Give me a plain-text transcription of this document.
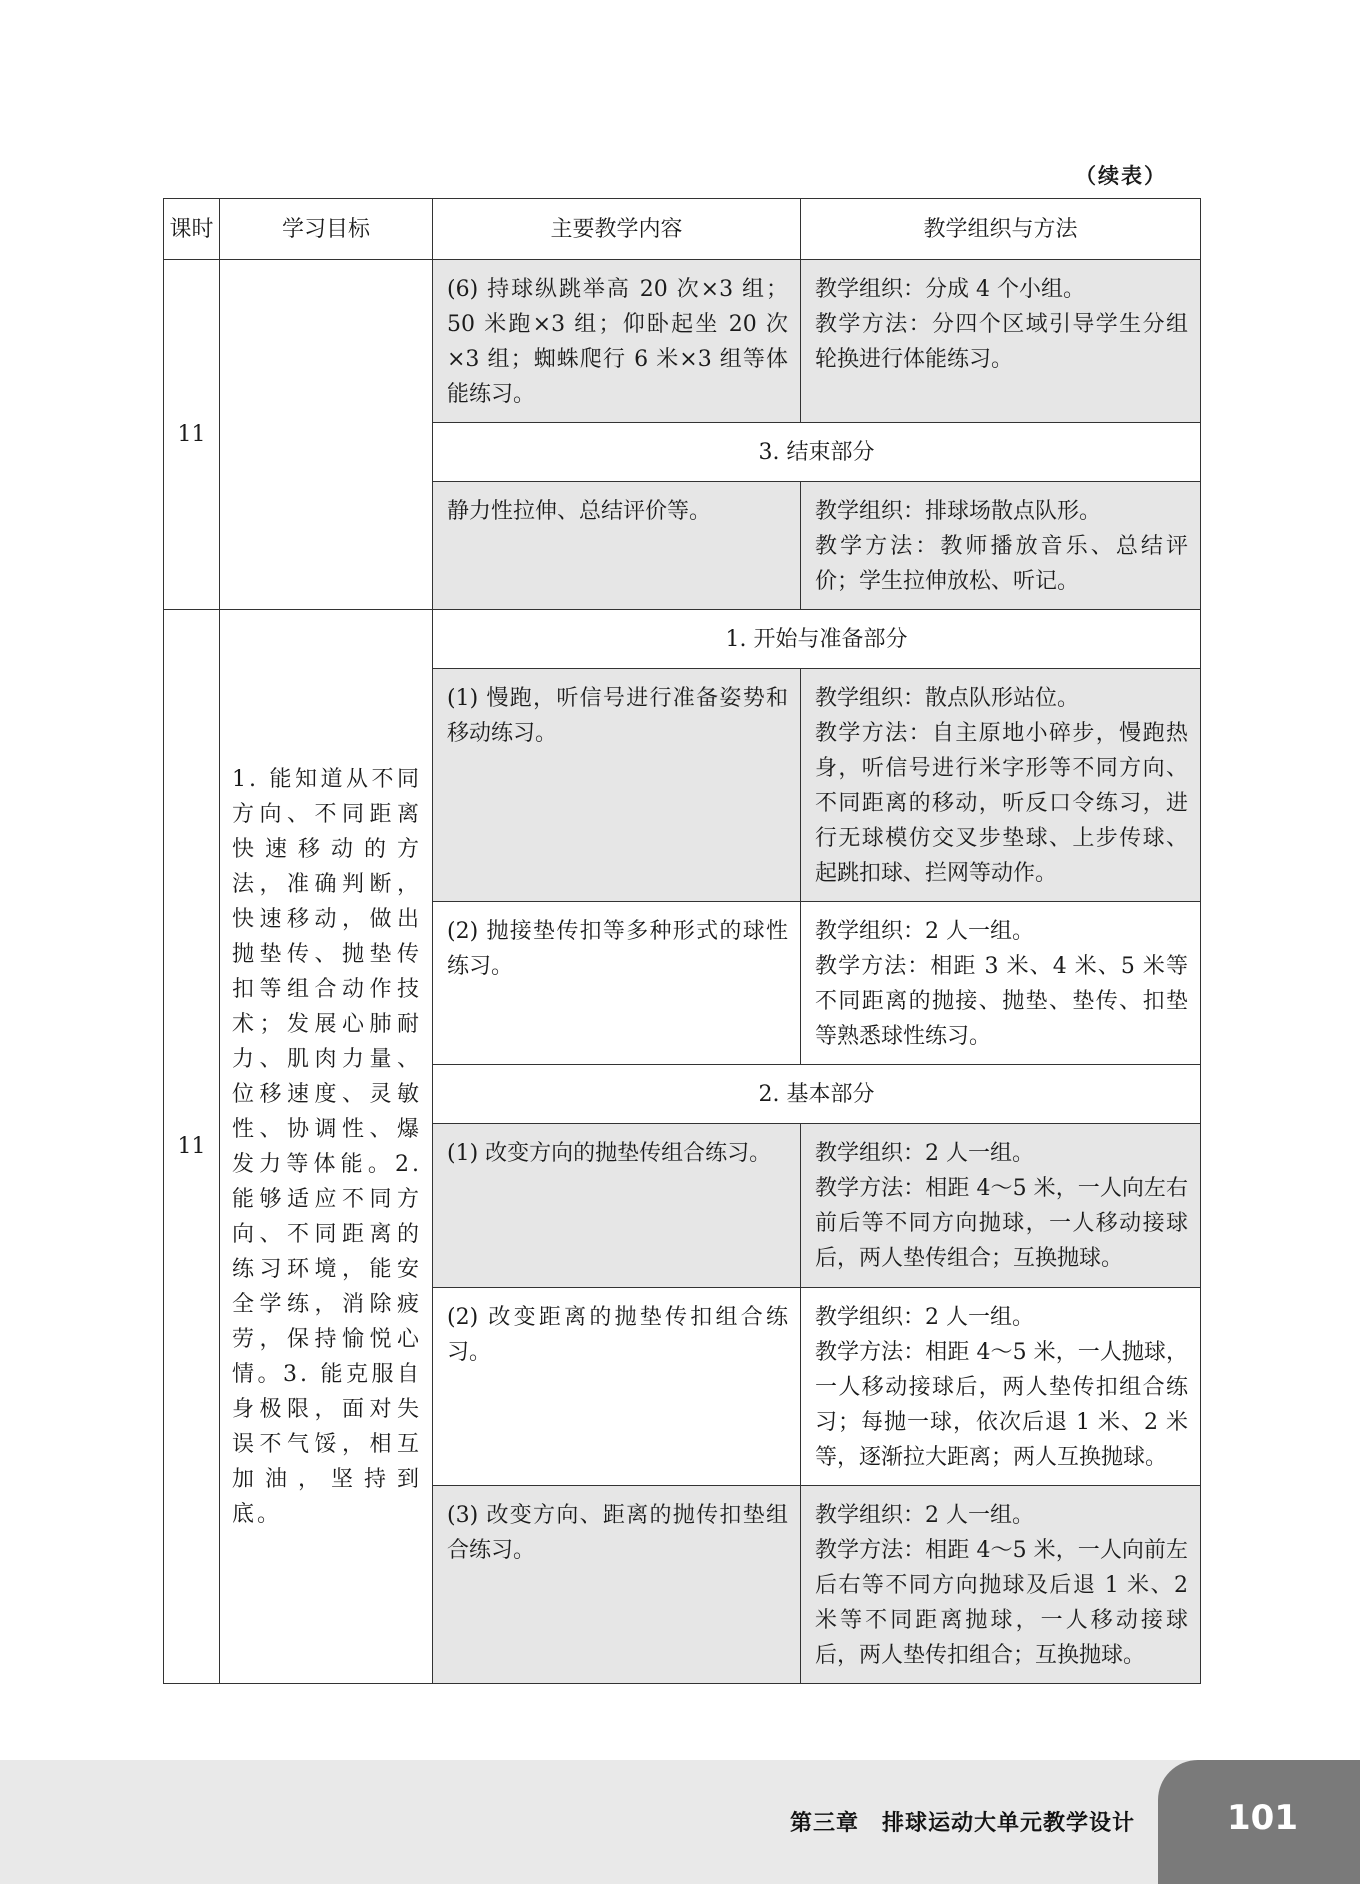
（续表）
课时	学习目标	主要教学内容	教学组织与方法
11		(6) 持球纵跳举高 20 次×3 组；50 米跑×3 组；仰卧起坐 20 次×3 组；蜘蛛爬行 6 米×3 组等体能练习。	教学组织：分成 4 个小组。
教学方法：分四个区域引导学生分组轮换进行体能练习。

		3. 结束部分	

		静力性拉伸、总结评价等。	教学组织：排球场散点队形。
教学方法：教师播放音乐、总结评价；学生拉伸放松、听记。

11	1. 能知道从不同方向、不同距离快速移动的方法，准确判断，快速移动，做出抛垫传、抛垫传扣等组合动作技术；发展心肺耐力、肌肉力量、位移速度、灵敏性、协调性、爆发力等体能。2. 能够适应不同方向、不同距离的练习环境，能安全学练，消除疲劳，保持愉悦心情。3. 能克服自身极限，面对失误不气馁，相互加油，坚持到底。	1. 开始与准备部分	

		(1) 慢跑，听信号进行准备姿势和移动练习。	教学组织：散点队形站位。
教学方法：自主原地小碎步，慢跑热身，听信号进行米字形等不同方向、不同距离的移动，听反口令练习，进行无球模仿交叉步垫球、上步传球、起跳扣球、拦网等动作。

		(2) 抛接垫传扣等多种形式的球性练习。	教学组织：2 人一组。
教学方法：相距 3 米、4 米、5 米等不同距离的抛接、抛垫、垫传、扣垫等熟悉球性练习。

		2. 基本部分	

		(1) 改变方向的抛垫传组合练习。	教学组织：2 人一组。
教学方法：相距 4～5 米，一人向左右前后等不同方向抛球，一人移动接球后，两人垫传组合；互换抛球。

		(2) 改变距离的抛垫传扣组合练习。	教学组织：2 人一组。
教学方法：相距 4～5 米，一人抛球，一人移动接球后，两人垫传扣组合练习；每抛一球，依次后退 1 米、2 米等，逐渐拉大距离；两人互换抛球。

		(3) 改变方向、距离的抛传扣垫组合练习。	教学组织：2 人一组。
教学方法：相距 4～5 米，一人向前左后右等不同方向抛球及后退 1 米、2 米等不同距离抛球，一人移动接球后，两人垫传扣组合；互换抛球。
第三章　排球运动大单元教学设计	101
